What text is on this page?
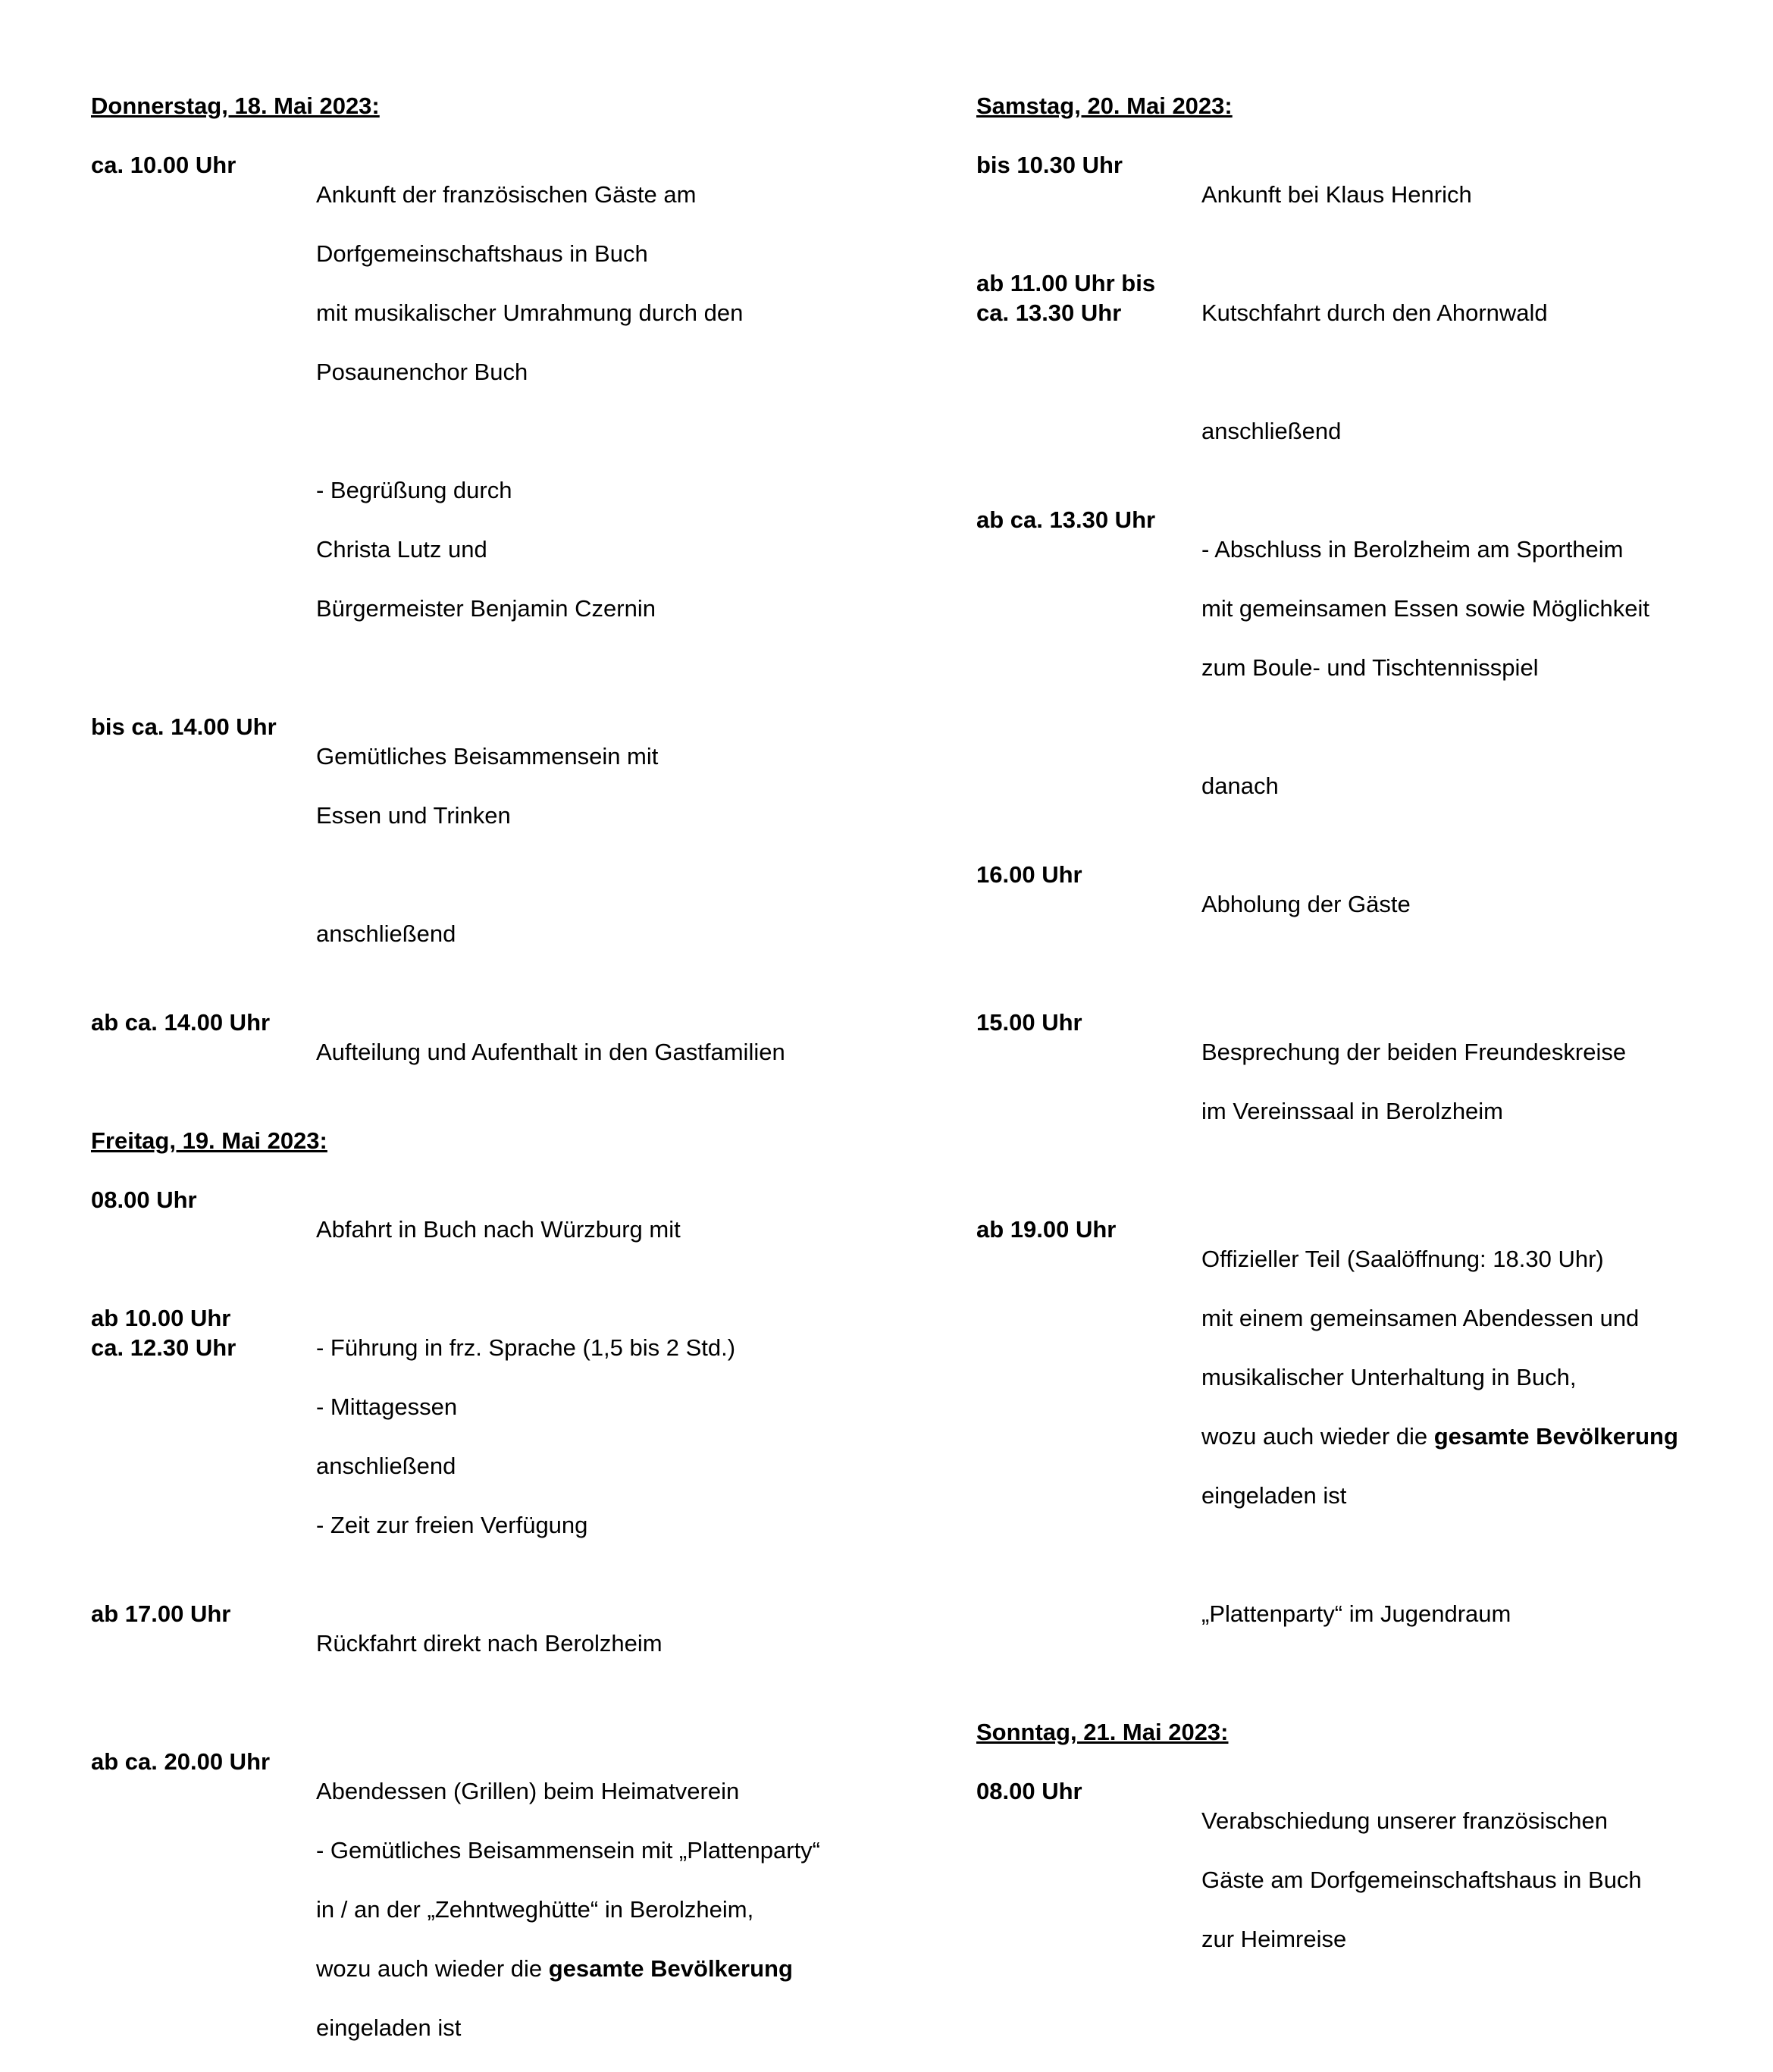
Donnerstag, 18. Mai 2023:
ca. 10.00 Uhr

Ankunft der französischen Gäste am

Dorfgemeinschaftshaus in Buch

mit musikalischer Umrahmung durch den

Posaunenchor Buch

- Begrüßung durch

Christa Lutz und

Bürgermeister Benjamin Czernin

bis ca. 14.00 Uhr

Gemütliches Beisammensein mit

Essen und Trinken

anschließend

ab ca. 14.00 Uhr

Aufteilung und Aufenthalt in den Gastfamilien

Freitag, 19. Mai 2023:
08.00 Uhr

Abfahrt in Buch nach Würzburg mit

ab 10.00 Uhr
ca. 12.30 Uhr	- Führung in frz. Sprache (1,5 bis 2 Std.)

- Mittagessen

anschließend

- Zeit zur freien Verfügung

ab 17.00 Uhr

Rückfahrt direkt nach Berolzheim

ab ca. 20.00 Uhr

Abendessen (Grillen) beim Heimatverein

- Gemütliches Beisammensein mit „Plattenparty“

in / an der „Zehntweghütte“ in Berolzheim,

wozu auch wieder die gesamte Bevölkerung

eingeladen ist

Samstag, 20. Mai 2023:
bis 10.30 Uhr

Ankunft bei Klaus Henrich

ab 11.00 Uhr bis
ca. 13.30 Uhr	Kutschfahrt durch den Ahornwald

anschließend

ab ca. 13.30 Uhr

- Abschluss in Berolzheim am Sportheim

mit gemeinsamen Essen sowie Möglichkeit

zum Boule- und Tischtennisspiel

danach

16.00 Uhr

Abholung der Gäste

15.00 Uhr

Besprechung der beiden Freundeskreise

im Vereinssaal in Berolzheim

ab 19.00 Uhr

Offizieller Teil (Saalöffnung: 18.30 Uhr)

mit einem gemeinsamen Abendessen und

musikalischer Unterhaltung in Buch,

wozu auch wieder die gesamte Bevölkerung

eingeladen ist

„Plattenparty“ im Jugendraum

Sonntag, 21. Mai 2023:
08.00 Uhr

Verabschiedung unserer französischen

Gäste am Dorfgemeinschaftshaus in Buch

zur Heimreise
